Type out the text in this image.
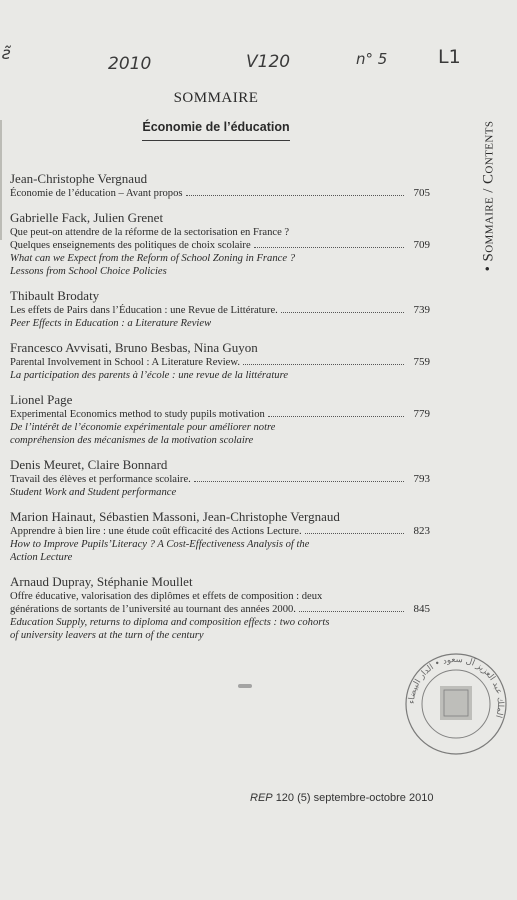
ƨ̃	2010	V120	n° 5	L1
SOMMAIRE
Économie de l’éducation	• Sommaire / Contents
Jean-Christophe Vergnaud
Économie de l’éducation – Avant propos	705
Gabrielle Fack, Julien Grenet
Que peut-on attendre de la réforme de la sectorisation en France ?
Quelques enseignements des politiques de choix scolaire	709
What can we Expect from the Reform of School Zoning in France ?
Lessons from School Choice Policies
Thibault Brodaty
Les effets de Pairs dans l’Éducation : une Revue de Littérature.	739
Peer Effects in Education : a Literature Review
Francesco Avvisati, Bruno Besbas, Nina Guyon
Parental Involvement in School : A Literature Review.	759
La participation des parents à l’école : une revue de la littérature
Lionel Page
Experimental Economics method to study pupils motivation	779
De l’intérêt de l’économie expérimentale pour améliorer notre
compréhension des mécanismes de la motivation scolaire
Denis Meuret, Claire Bonnard
Travail des élèves et performance scolaire.	793
Student Work and Student performance
Marion Hainaut, Sébastien Massoni, Jean-Christophe Vergnaud
Apprendre à bien lire : une étude coût efficacité des Actions Lecture.	823
How to Improve Pupils’Literacy ? A Cost-Effectiveness Analysis of the
Action Lecture
Arnaud Dupray, Stéphanie Moullet
Offre éducative, valorisation des diplômes et effets de composition : deux
générations de sortants de l’université au tournant des années 2000.	845
Education Supply, returns to diploma and composition effects : two cohorts
of university leavers at the turn of the century
الملك عبد العزيز آل سعود • الدار البيضاء
REP 120 (5) septembre-octobre 2010
